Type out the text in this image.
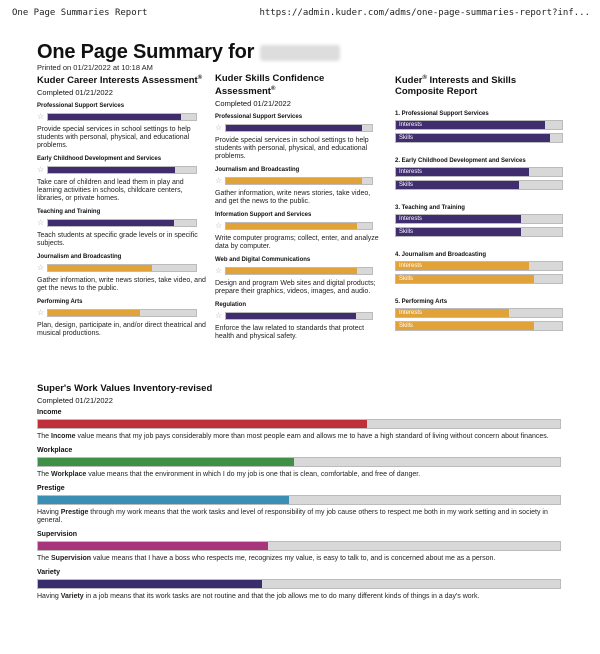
One Page Summaries Report	https://admin.kuder.com/adms/one-page-summaries-report?inf...
One Page Summary for
Printed on 01/21/2022 at 10:18 AM
Kuder Career Interests Assessment®
Completed 01/21/2022
Professional Support Services
☆
Provide special services in school settings to help students with personal, physical, and educational problems.
Early Childhood Development and Services
☆
Take care of children and lead them in play and learning activities in schools, childcare centers, libraries, or private homes.
Teaching and Training
☆
Teach students at specific grade levels or in specific subjects.
Journalism and Broadcasting
☆
Gather information, write news stories, take video, and get the news to the public.
Performing Arts
☆
Plan, design, participate in, and/or direct theatrical and musical productions.
Kuder Skills Confidence
Assessment®
Completed 01/21/2022
Professional Support Services
☆
Provide special services in school settings to help students with personal, physical, and educational problems.
Journalism and Broadcasting
☆
Gather information, write news stories, take video, and get the news to the public.
Information Support and Services
☆
Write computer programs; collect, enter, and analyze data by computer.
Web and Digital Communications
☆
Design and program Web sites and digital products; prepare their graphics, videos, images, and audio.
Regulation
☆
Enforce the law related to standards that protect health and physical safety.
Kuder® Interests and Skills Composite Report
1. Professional Support Services
Interests
Skills
2. Early Childhood Development and Services
Interests
Skills
3. Teaching and Training
Interests
Skills
4. Journalism and Broadcasting
Interests
Skills
5. Performing Arts
Interests
Skills
Super's Work Values Inventory-revised
Completed 01/21/2022
Income
The Income value means that my job pays considerably more than most people earn and allows me to have a high standard of living without concern about finances.
Workplace
The Workplace value means that the environment in which I do my job is one that is clean, comfortable, and free of danger.
Prestige
Having Prestige through my work means that the work tasks and level of responsibility of my job cause others to respect me both in my work setting and in society in general.
Supervision
The Supervision value means that I have a boss who respects me, recognizes my value, is easy to talk to, and is concerned about me as a person.
Variety
Having Variety in a job means that its work tasks are not routine and that the job allows me to do many different kinds of things in a day's work.
